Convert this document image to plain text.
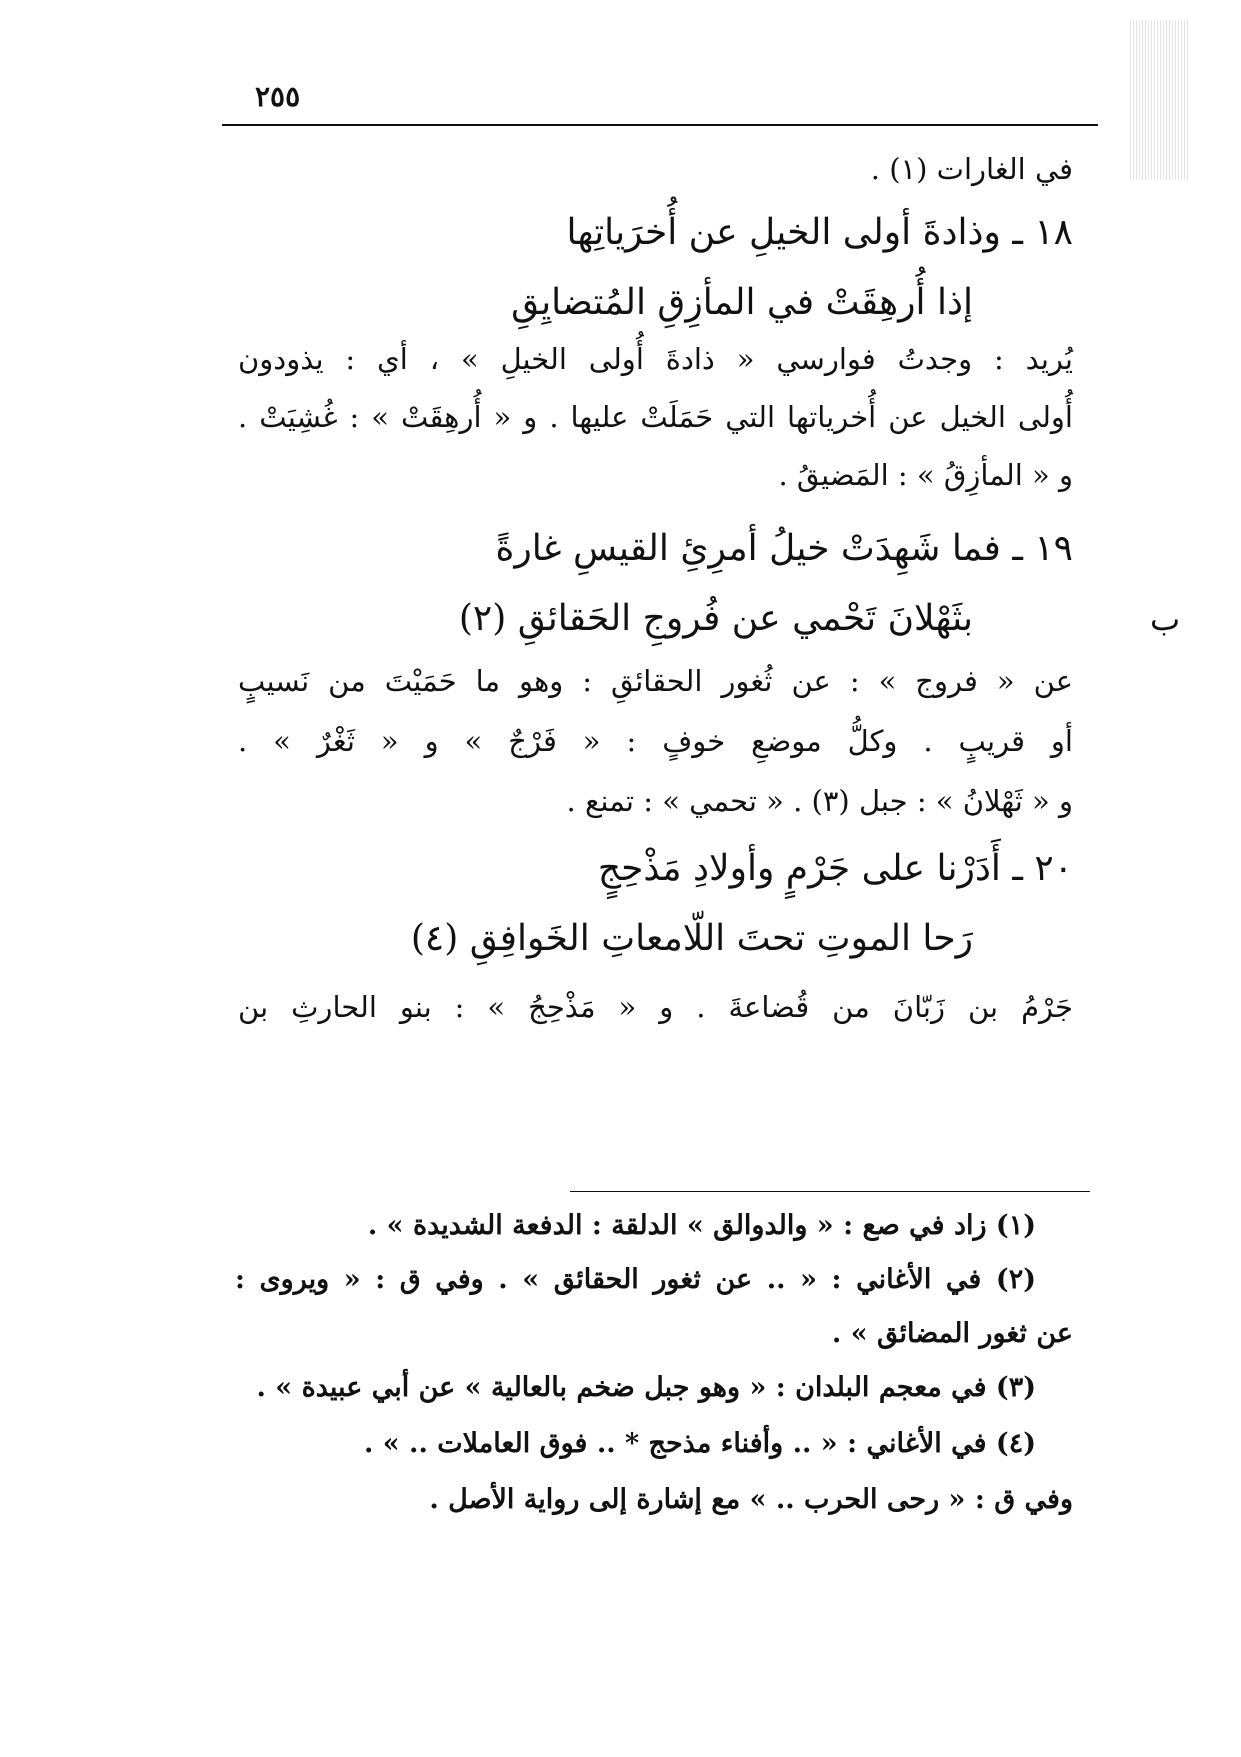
٢٥٥
ب
في الغارات (١) .
١٨ ـ وذادةَ أولى الخيلِ عن أُخرَياتِها
إذا أُرهِقَتْ في المأزِقِ المُتضايِقِ
يُريد : وجدتُ فوارسي « ذادةَ أُولى الخيلِ » ، أي : يذودون
أُولى الخيل عن أُخرياتها التي حَمَلَتْ عليها . و « أُرهِقَتْ » : غُشِيَتْ .
و « المأزِقُ » : المَضيقُ .
١٩ ـ فما شَهِدَتْ خيلُ أمرِئِ القيسِ غارةً
بثَهْلانَ تَحْمي عن فُروجِ الحَقائقِ (٢)
عن « فروج » : عن ثُغور الحقائقِ : وهو ما حَمَيْتَ من نَسيبٍ
أو قريبٍ . وكلُّ موضعِ خوفٍ : « فَرْجٌ » و « ثَغْرٌ » .
و « ثَهْلانُ » : جبل (٣) . « تحمي » : تمنع .
٢٠ ـ أَدَرْنا على جَرْمٍ وأولادِ مَذْحِجٍ
رَحا الموتِ تحتَ اللّامعاتِ الخَوافِقِ (٤)
جَرْمُ بن زَبّانَ من قُضاعةَ . و « مَذْحِجُ » : بنو الحارثِ بن
(١) زاد في صع : « والدوالق » الدلقة : الدفعة الشديدة » .
(٢) في الأغاني : « .. عن ثغور الحقائق » . وفي ق : « ويروى :
عن ثغور المضائق » .
(٣) في معجم البلدان : « وهو جبل ضخم بالعالية » عن أبي عبيدة » .
(٤) في الأغاني : « .. وأفناء مذحج * .. فوق العاملات .. » .
وفي ق : « رحى الحرب .. » مع إشارة إلى رواية الأصل .
